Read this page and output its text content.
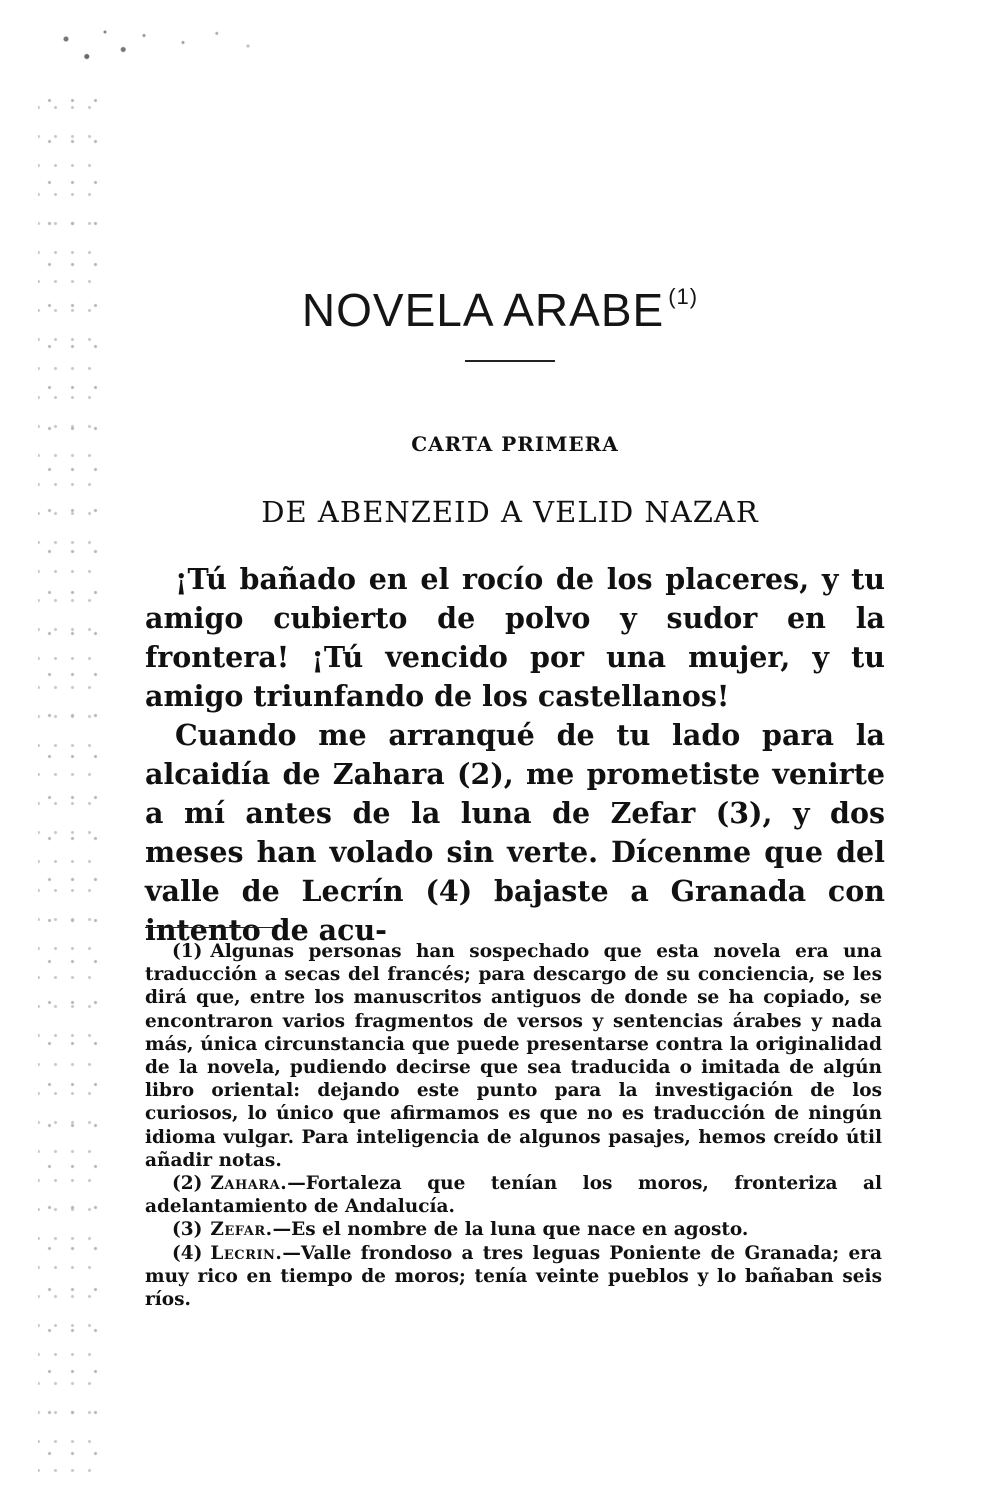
NOVELA ARABE $^{(1)}$
CARTA PRIMERA
DE ABENZEID A VELID NAZAR

¡Tú bañado en el rocío de los placeres, y tu amigo cubierto de polvo y sudor en la frontera! ¡Tú vencido por una mujer, y tu amigo triunfando de los castellanos!

Cuando me arranqué de tu lado para la alcaidía de Zahara (2), me prometiste venirte a mí antes de la luna de Zefar (3), y dos meses han volado sin verte. Dícenme que del valle de Lecrín (4) bajaste a Granada con intento de acu-

(1) Algunas personas han sospechado que esta novela era una traducción a secas del francés; para descargo de su conciencia, se les dirá que, entre los manuscritos antiguos de donde se ha copiado, se encontraron varios fragmentos de versos y sentencias árabes y nada más, única circunstancia que puede presentarse contra la originalidad de la novela, pudiendo decirse que sea traducida o imitada de algún libro oriental: dejando este punto para la investigación de los curiosos, lo único que afirmamos es que no es traducción de ningún idioma vulgar. Para inteligencia de algunos pasajes, hemos creído útil añadir notas.

(2) Zahara.—Fortaleza que tenían los moros, fronteriza al adelantamiento de Andalucía.

(3) Zefar.—Es el nombre de la luna que nace en agosto.

(4) Lecrin.—Valle frondoso a tres leguas Poniente de Granada; era muy rico en tiempo de moros; tenía veinte pueblos y lo bañaban seis ríos.
